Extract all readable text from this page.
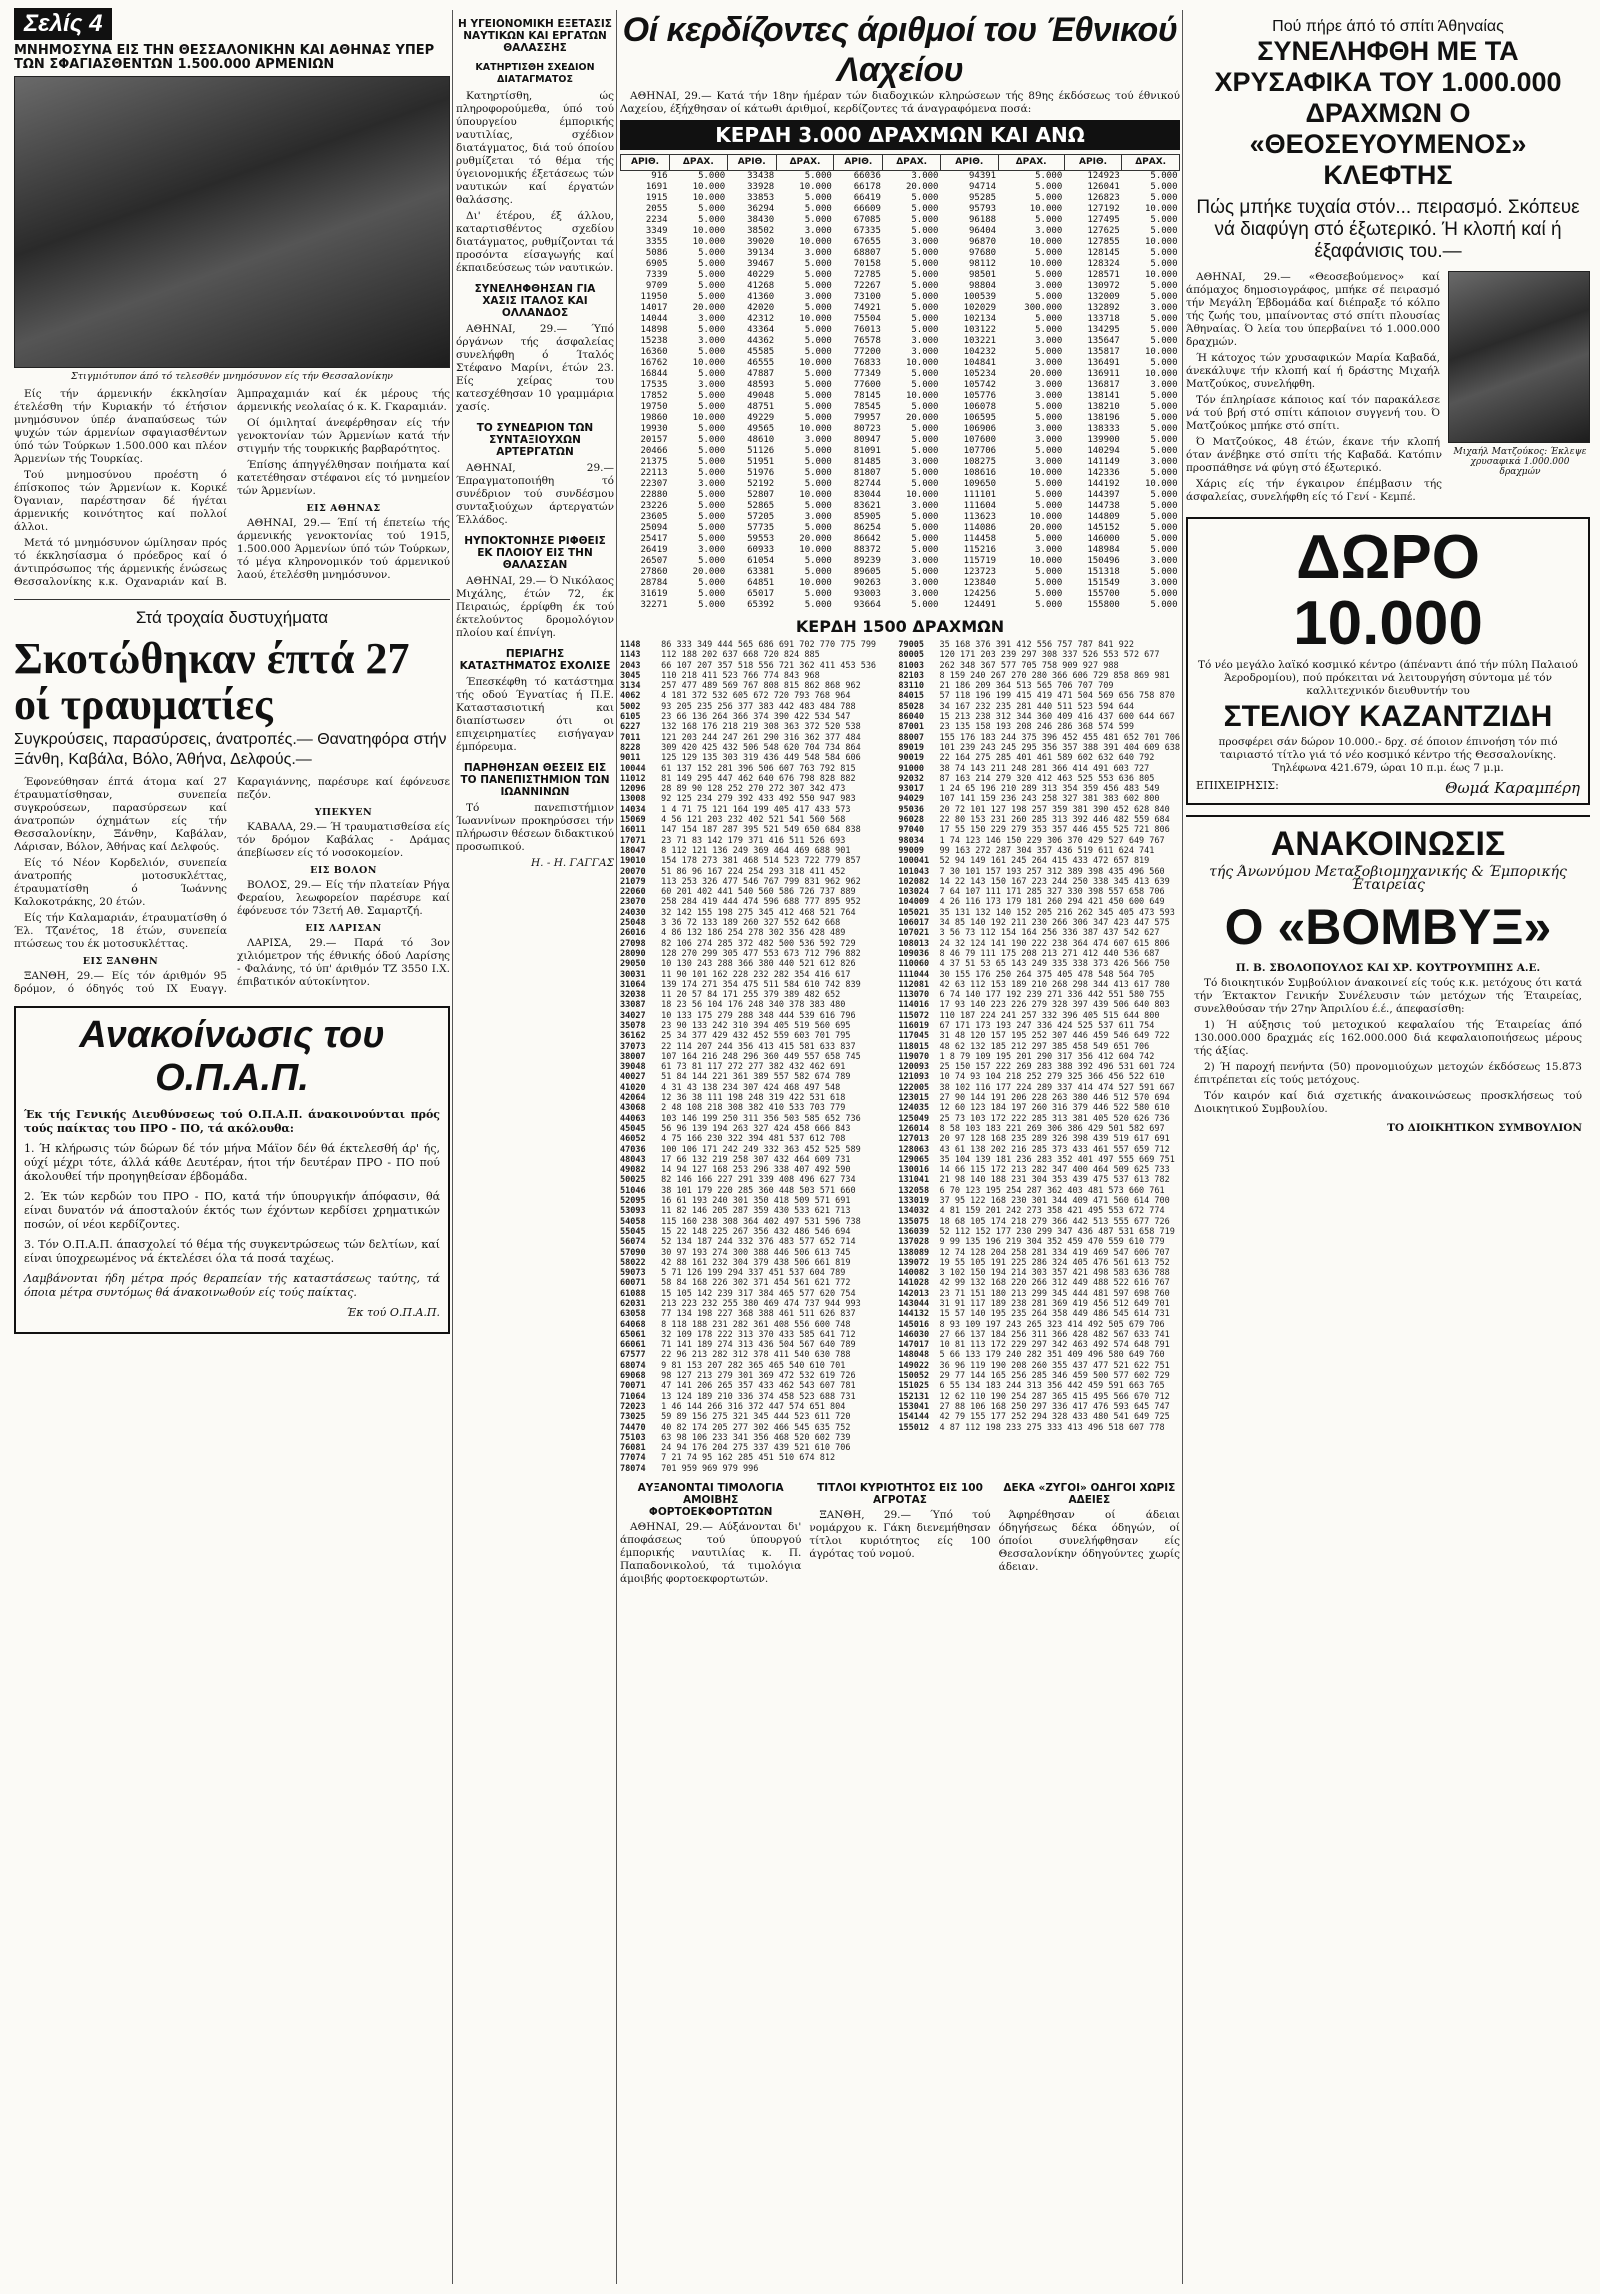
Σελίς 4
ΜΝΗΜΟΣΥΝΑ ΕΙΣ ΤΗΝ ΘΕΣΣΑΛΟΝΙΚΗΝ ΚΑΙ ΑΘΗΝΑΣ ΥΠΕΡ ΤΩΝ ΣΦΑΓΙΑΣΘΕΝΤΩΝ 1.500.000 ΑΡΜΕΝΙΩΝ
Στιγμιότυπον άπό τό τελεσθέν μνημόσυνον είς τήν Θεσσαλονίκην

Είς τήν άρμενικήν έκκλησίαν έτελέσθη τήν Κυριακήν τό έτήσιον μνημόσυνον ύπέρ άναπαύσεως τών ψυχών τών άρμενίων σφαγιασθέντων ύπό τών Τούρκων 1.500.000 και πλέον Άρμενίων τής Τουρκίας.

Τού μνημοσύνου προέστη ό έπίσκοπος τών Άρμενίων κ. Κορικέ Όγανιαν, παρέστησαν δέ ήγέται άρμενικής κοινότητος καί πολλοί άλλοι.

Μετά τό μνημόσυνον ώμίλησαν πρός τό έκκλησίασμα ό πρόεδρος καί ό άντιπρόσωπος τής άρμενικής ένώσεως Θεσσαλονίκης κ.κ. Οχαναριάν καί Β. Άμπραχαμιάν καί έκ μέρους τής άρμενικής νεολαίας ό κ. Κ. Γκαραμιάν.

Οί όμιληταί άνεφέρθησαν είς τήν γενοκτονίαν τών Άρμενίων κατά τήν στιγμήν τής τουρκικής βαρβαρότητος.

Έπίσης άπηγγέλθησαν ποιήματα καί κατετέθησαν στέφανοι είς τό μνημείον τών Άρμενίων.

ΕΙΣ ΑΘΗΝΑΣ

ΑΘΗΝΑΙ, 29.— Έπί τή έπετείω τής άρμενικής γενοκτονίας τού 1915, 1.500.000 Άρμενίων ύπό τών Τούρκων, τό μέγα κληρονομικόν τού άρμενικού λαού, έτελέσθη μνημόσυνον.

Στά τροχαία δυστυχήματα
Σκοτώθηκαν έπτά 27 οί τραυματίες
Συγκρούσεις, παρασύρσεις, άνατροπές.— Θανατηφόρα στήν Ξάνθη, Καβάλα, Βόλο, Άθήνα, Δελφούς.—

Έφονεύθησαν έπτά άτομα καί 27 έτραυματίσθησαν, συνεπεία συγκρούσεων, παρασύρσεων καί άνατροπών όχημάτων είς τήν Θεσσαλονίκην, Ξάνθην, Καβάλαν, Λάρισαν, Βόλον, Άθήνας καί Δελφούς.

Είς τό Νέον Κορδελιόν, συνεπεία άνατροπής μοτοσυκλέττας, έτραυματίσθη ό Ίωάννης Καλοκοτράκης, 20 έτών.

Είς τήν Καλαμαριάν, έτραυματίσθη ό Έλ. Τζανέτος, 18 έτών, συνεπεία πτώσεως του έκ μοτοσυκλέττας.

ΕΙΣ ΞΑΝΘΗΝ

ΞΑΝΘΗ, 29.— Είς τόν άριθμόν 95 δρόμον, ό όδηγός τού ΙΧ Ευαγγ. Καραγιάννης, παρέσυρε καί έφόνευσε πεζόν.

ΥΠΕΚΥΕΝ

ΚΑΒΑΛΑ, 29.— Ή τραυματισθείσα είς τόν δρόμον Καβάλας - Δράμας άπεβίωσεν είς τό νοσοκομείον.

ΕΙΣ ΒΟΛΟΝ

ΒΟΛΟΣ, 29.— Είς τήν πλατείαν Ρήγα Φεραίου, λεωφορείον παρέσυρε καί έφόνευσε τόν 73ετή Αθ. Σαμαρτζή.

ΕΙΣ ΛΑΡΙΣΑΝ

ΛΑΡΙΣΑ, 29.— Παρά τό 3ον χιλιόμετρον τής έθνικής όδού Λαρίσης - Φαλάνης, τό ύπ' άριθμόν ΤΖ 3550 Ι.Χ. έπιβατικόν αύτοκίνητον.

Ανακοίνωσις του Ο.Π.Α.Π.
Έκ τής Γενικής Διευθύνσεως τού Ο.Π.Α.Π. άνακοινούνται πρός τούς παίκτας του ΠΡΟ - ΠΟ, τά ακόλουθα:
1. Ή κλήρωσις τών δώρων δέ τόν μήνα Μάϊον δέν θά έκτελεσθή άρ' ής, ούχί μέχρι τότε, άλλά κάθε Δευτέραν, ήτοι τήν δευτέραν ΠΡΟ - ΠΟ πού άκολουθεί τήν προηγηθείσαν έβδομάδα.
2. Έκ τών κερδών του ΠΡΟ - ΠΟ, κατά τήν ύπουργικήν άπόφασιν, θά είναι δυνατόν νά άποσταλούν έκτός των έχόντων κερδίσει χρηματικών ποσών, οί νέοι κερδίζοντες.
3. Τόν Ο.Π.Α.Π. άπασχολεί τό θέμα τής συγκεντρώσεως τών δελτίων, καί είναι ύποχρεωμένος νά έκτελέσει όλα τά ποσά ταχέως.
Λαμβάνονται ήδη μέτρα πρός θεραπείαν τής καταστάσεως ταύτης, τά όποια μέτρα συντόμως θά άνακοινωθούν είς τούς παίκτας.
Έκ τού Ο.Π.Α.Π.
Η ΥΓΕΙΟΝΟΜΙΚΗ ΕΞΕΤΑΣΙΣ ΝΑΥΤΙΚΩΝ ΚΑΙ ΕΡΓΑΤΩΝ ΘΑΛΑΣΣΗΣ
ΚΑΤΗΡΤΙΣΘΗ ΣΧΕΔΙΟΝ ΔΙΑΤΑΓΜΑΤΟΣ

Κατηρτίσθη, ώς πληροφορούμεθα, ύπό τού ύπουργείου έμπορικής ναυτιλίας, σχέδιον διατάγματος, διά τού όποίου ρυθμίζεται τό θέμα τής ύγειονομικής έξετάσεως τών ναυτικών καί έργατών θαλάσσης.

Δι' έτέρου, έξ άλλου, καταρτισθέντος σχεδίου διατάγματος, ρυθμίζονται τά προσόντα είσαγωγής καί έκπαιδεύσεως τών ναυτικών.

ΣΥΝΕΛΗΦΘΗΣΑΝ ΓΙΑ ΧΑΣΙΣ ΙΤΑΛΟΣ ΚΑΙ ΟΛΛΑΝΔΟΣ

ΑΘΗΝΑΙ, 29.— Ύπό όργάνων τής άσφαλείας συνελήφθη ό Ίταλός Στέφανο Μαρίνι, έτών 23. Είς χείρας του κατεσχέθησαν 10 γραμμάρια χασίς.

ΤΟ ΣΥΝΕΔΡΙΟΝ ΤΩΝ ΣΥΝΤΑΞΙΟΥΧΩΝ ΑΡΤΕΡΓΑΤΩΝ

ΑΘΗΝΑΙ, 29.— Έπραγματοποιήθη τό συνέδριον τού συνδέσμου συνταξιούχων άρτεργατών Έλλάδος.

ΗΥΠΟΚΤΟΝΗΣΕ ΡΙΦΘΕΙΣ ΕΚ ΠΛΟΙΟΥ ΕΙΣ ΤΗΝ ΘΑΛΑΣΣΑΝ

ΑΘΗΝΑΙ, 29.— Ό Νικόλαος Μιχάλης, έτών 72, έκ Πειραιώς, έρρίφθη έκ τού έκτελούντος δρομολόγιον πλοίου καί έπνίγη.

ΠΕΡΙΑΓΗΣ ΚΑΤΑΣΤΗΜΑΤΟΣ ΕΧΟΛΙΣΕ

Έπεσκέφθη τό κατάστημα τής οδού Έγνατίας ή Π.Ε. Καταστασιοτική και διαπίστωσεν ότι οι επιχειρηματίες εισήγαγαν έμπόρευμα.

ΠΑΡΗΘΗΣΑΝ ΘΕΣΕΙΣ ΕΙΣ ΤΟ ΠΑΝΕΠΙΣΤΗΜΙΟΝ ΤΩΝ ΙΩΑΝΝΙΝΩΝ

Τό πανεπιστήμιον Ίωαννίνων προκηρύσσει τήν πλήρωσιν θέσεων διδακτικού προσωπικού.

Η. - Η. ΓΑΓΓΑΣ

Οί κερδίζοντες άριθμοί του Έθνικού Λαχείου

ΑΘΗΝΑΙ, 29.— Κατά τήν 18ην ήμέραν τών διαδοχικών κληρώσεων τής 89ης έκδόσεως τού έθνικού Λαχείου, έξήχθησαν οί κάτωθι άριθμοί, κερδίζοντες τά άναγραφόμενα ποσά:

ΚΕΡΔΗ 3.000 ΔΡΑΧΜΩΝ ΚΑΙ ΑΝΩ
ΑΡΙΘ.	ΔΡΑΧ.	ΑΡΙΘ.	ΔΡΑΧ.	ΑΡΙΘ.	ΔΡΑΧ.	ΑΡΙΘ.	ΔΡΑΧ.	ΑΡΙΘ.	ΔΡΑΧ.
916	5.000	33438	5.000	66036	3.000	94391	5.000	124923	5.000
1691	10.000	33928	10.000	66178	20.000	94714	5.000	126041	5.000
1915	10.000	33853	5.000	66419	5.000	95285	5.000	126823	5.000
2055	5.000	36294	5.000	66609	5.000	95793	10.000	127192	10.000
2234	5.000	38430	5.000	67085	5.000	96188	5.000	127495	5.000
3349	10.000	38502	3.000	67335	5.000	96404	3.000	127625	5.000
3355	10.000	39020	10.000	67655	3.000	96870	10.000	127855	10.000
5086	5.000	39134	3.000	68807	5.000	97680	5.000	128145	5.000
6905	5.000	39467	5.000	70158	5.000	98112	10.000	128324	5.000
7339	5.000	40229	5.000	72785	5.000	98501	5.000	128571	10.000
9709	5.000	41268	5.000	72267	5.000	98804	3.000	130972	5.000
11950	5.000	41360	3.000	73100	5.000	100539	5.000	132009	5.000
14017	20.000	42020	5.000	74921	5.000	102029	300.000	132892	3.000
14044	3.000	42312	10.000	75504	5.000	102134	5.000	133718	5.000
14898	5.000	43364	5.000	76013	5.000	103122	5.000	134295	5.000
15238	3.000	44362	5.000	76578	3.000	103221	3.000	135647	5.000
16360	5.000	45585	5.000	77200	3.000	104232	5.000	135817	10.000
16762	10.000	46555	10.000	76833	10.000	104841	3.000	136491	5.000
16844	5.000	47887	5.000	77349	5.000	105234	20.000	136911	10.000
17535	3.000	48593	5.000	77600	5.000	105742	3.000	136817	3.000
17852	5.000	49048	5.000	78145	10.000	105776	3.000	138141	5.000
19750	5.000	48751	5.000	78545	5.000	106078	5.000	138210	5.000
19860	10.000	49229	5.000	79957	20.000	106595	5.000	138196	5.000
19930	5.000	49565	10.000	80723	5.000	106906	3.000	138333	5.000
20157	5.000	48610	3.000	80947	5.000	107600	3.000	139900	5.000
20466	5.000	51126	5.000	81091	5.000	107706	5.000	140294	5.000
21375	5.000	51951	5.000	81485	3.000	108275	3.000	141149	3.000
22113	5.000	51976	5.000	81807	5.000	108616	10.000	142336	5.000
22307	3.000	52192	5.000	82744	5.000	109650	5.000	144192	10.000
22880	5.000	52807	10.000	83044	10.000	111101	5.000	144397	5.000
23226	5.000	52865	5.000	83621	3.000	111604	5.000	144738	5.000
23605	5.000	57205	3.000	85905	5.000	113623	10.000	144809	5.000
25094	5.000	57735	5.000	86254	5.000	114086	20.000	145152	5.000
25417	5.000	59553	20.000	86642	5.000	114458	5.000	146000	5.000
26419	3.000	60933	10.000	88372	5.000	115216	3.000	148984	5.000
26507	5.000	61054	5.000	89239	3.000	115719	10.000	150496	3.000
27860	20.000	63381	5.000	89605	5.000	123723	5.000	151318	5.000
28784	5.000	64851	10.000	90263	3.000	123840	5.000	151549	3.000
31619	5.000	65017	5.000	93003	3.000	124256	5.000	155700	5.000
32271	5.000	65392	5.000	93664	5.000	124491	5.000	155800	5.000
ΚΕΡΔΗ 1500 ΔΡΑΧΜΩΝ
1148 86 333 349 444 565 686 691 702 770 775 799
1143 112 188 202 637 668 720 824 885
2043 66 107 207 357 518 556 721 362 411 453 536
3045 110 218 411 523 766 774 843 968
3134 257 477 489 569 767 808 815 862 868 962
4062 4 181 372 532 605 672 720 793 768 964
5002 93 205 235 256 377 383 442 483 484 788
6105 23 66 136 264 366 374 390 422 534 547
6227 132 168 176 218 219 308 363 372 520 538
7011 121 203 244 247 261 290 316 362 377 484
8228 309 420 425 432 506 548 620 704 734 864
9011 125 129 135 303 319 436 449 548 584 606
10044 61 137 152 281 396 506 607 763 792 815
11012 81 149 295 447 462 640 676 798 828 882
12096 28 89 90 128 252 270 272 307 342 473
13008 92 125 234 279 392 433 492 550 947 983
14034 1 4 71 75 121 164 199 405 417 433 573
15069 4 56 121 203 232 402 521 541 560 568
16011 147 154 187 287 395 521 549 650 684 838
17071 23 71 83 142 179 371 416 511 526 693
18047 8 112 121 136 249 369 464 469 688 901
19010 154 178 273 381 468 514 523 722 779 857
20070 51 86 96 167 224 254 293 318 411 452
21079 113 253 326 477 546 767 799 831 962 962
22060 60 201 402 441 540 560 586 726 737 889
23070 258 284 419 444 474 596 688 777 895 952
24030 32 142 155 198 275 345 412 468 521 764
25048 3 36 72 133 189 260 327 552 642 668
26016 4 86 132 186 254 278 302 356 428 489
27098 82 106 274 285 372 482 500 536 592 729
28090 128 270 299 305 477 553 673 712 796 882
29050 10 130 243 288 366 380 440 521 612 826
30031 11 90 101 162 228 232 282 354 416 617
31064 139 174 271 354 475 511 584 610 742 839
32038 11 20 57 84 171 255 379 389 482 652
33087 18 23 56 104 176 248 340 378 383 480
34027 10 133 175 279 288 348 444 539 616 796
35078 23 90 133 242 310 394 405 519 560 695
36162 25 34 377 429 432 452 559 603 701 795
37073 22 114 207 244 356 413 415 581 633 837
38007 107 164 216 248 296 360 449 557 658 745
39048 61 73 81 117 272 277 382 432 462 691
40027 51 84 144 221 361 389 557 582 674 789
41020 4 31 43 138 234 307 424 468 497 548
42064 12 36 38 111 198 248 319 422 531 618
43068 2 48 108 218 308 382 410 533 703 779
44063 103 146 199 250 311 356 503 585 652 736
45045 56 96 139 194 263 327 424 458 666 843
46052 4 75 166 230 322 394 481 537 612 708
47036 100 106 171 242 249 332 363 452 525 589
48043 17 66 132 219 258 307 432 464 609 731
49082 14 94 127 168 253 296 338 407 492 590
50025 82 146 166 227 291 339 408 496 627 734
51046 38 101 179 220 285 360 448 503 571 660
52095 16 61 193 240 301 350 418 509 571 691
53093 11 82 146 205 287 359 430 533 621 713
54058 115 160 238 308 364 402 497 531 596 738
55045 15 22 148 225 267 356 432 486 546 694
56074 52 134 187 244 332 376 483 577 652 714
57090 30 97 193 274 300 388 446 506 613 745
58022 42 88 161 232 304 379 438 506 661 819
59073 5 71 126 199 294 337 451 537 604 789
60071 58 84 168 226 302 371 454 561 621 772
61088 15 105 142 239 317 384 465 577 620 754
62031 213 223 232 255 380 469 474 737 944 993
63058 77 134 198 227 368 388 461 511 626 837
64068 8 118 188 231 282 361 408 556 600 748
65061 32 109 178 222 313 370 433 585 641 712
66061 71 141 189 274 313 436 504 567 640 789
67577 22 96 213 282 312 378 411 540 630 788
68074 9 81 153 207 282 365 465 540 610 701
69068 98 127 213 279 301 369 472 532 619 726
70071 47 141 206 265 357 433 462 543 607 781
71064 13 124 189 210 336 374 458 523 688 731
72023 1 46 144 266 316 372 447 574 651 804
73025 59 89 156 275 321 345 444 523 611 720
74470 40 82 174 205 277 302 466 545 635 752
75103 63 98 106 233 341 356 468 520 602 739
76081 24 94 176 204 275 337 439 521 610 706
77074 7 21 74 95 162 285 451 510 674 812
78074 701 959 969 979 996
79005 35 168 376 391 412 556 757 787 841 922
80005 120 171 203 239 297 308 337 526 553 572 677
81003 262 348 367 577 705 758 909 927 988
82103 8 159 240 267 270 280 366 606 729 858 869 981
83110 21 186 209 364 513 565 706 707 709
84015 57 118 196 199 415 419 471 504 569 656 758 870
85028 34 167 232 235 281 440 511 523 594 644
86040 15 213 238 312 344 360 409 416 437 600 644 667
87001 23 135 158 193 208 246 286 368 574 599
88007 155 176 183 244 375 396 452 455 481 652 701 706
89019 101 239 243 245 295 356 357 388 391 404 609 638
90019 22 164 275 285 401 461 589 602 632 640 792
91000 38 74 143 211 248 281 366 414 491 603 727
92032 87 163 214 279 320 412 463 525 553 636 805
93017 1 24 65 196 210 289 313 354 359 456 483 549
94029 107 141 159 236 243 258 327 381 383 602 800
95036 20 72 101 127 198 257 359 381 390 452 628 840
96028 22 80 153 231 260 285 313 392 446 482 559 684
97040 17 55 150 229 279 353 357 446 455 525 721 806
98034 1 74 123 146 150 229 306 370 429 527 649 767
99009 99 163 272 287 304 357 436 519 611 624 741
100041 52 94 149 161 245 264 415 433 472 657 819
101043 7 30 101 157 193 257 312 389 398 435 496 560
102082 14 22 143 150 167 223 244 250 338 345 413 639
103024 7 64 107 111 171 285 327 330 398 557 658 706
104009 4 26 116 173 179 181 260 294 421 450 600 649
105021 35 131 132 140 152 205 216 262 345 405 473 593
106017 34 85 140 192 211 230 266 306 347 423 447 575
107021 3 56 73 112 154 164 256 336 387 437 542 627
108013 24 32 124 141 190 222 238 364 474 607 615 806
109036 8 46 79 111 175 208 213 271 412 440 536 687
110060 4 37 51 53 65 143 249 335 338 373 426 566 750
111044 30 155 176 250 264 375 405 478 548 564 705
112081 42 63 112 153 189 210 268 298 344 413 617 780
113070 6 74 140 177 192 239 271 336 442 551 580 755
114016 17 93 140 223 226 279 328 397 439 506 640 803
115072 110 187 224 241 257 332 396 405 515 644 800
116019 67 171 173 193 247 336 424 525 537 611 754
117045 31 48 120 157 195 252 307 446 459 546 649 722
118015 48 62 132 185 212 297 385 458 549 651 706
119070 1 8 79 109 195 201 290 317 356 412 604 742
120093 25 150 157 222 269 283 388 392 496 531 601 724
121093 10 74 93 104 218 252 279 325 366 456 522 610
122005 38 102 116 177 224 289 337 414 474 527 591 667
123015 27 90 144 191 206 228 263 380 446 512 570 694
124035 12 60 123 184 197 260 316 379 446 522 580 610
125049 25 73 103 172 222 285 313 381 405 520 626 736
126014 8 58 103 183 221 269 306 386 429 501 582 697
127013 20 97 128 168 235 289 326 398 439 519 617 691
128063 43 61 138 202 216 285 373 433 461 557 659 712
129065 35 104 139 181 236 283 352 401 497 555 669 751
130016 14 66 115 172 213 282 347 400 464 509 625 733
131041 21 98 140 188 231 304 353 439 475 537 613 782
132058 6 70 123 195 254 287 362 403 481 573 660 761
133019 37 95 122 168 230 301 344 409 471 560 614 700
134032 4 81 159 201 242 273 358 421 495 553 672 774
135075 18 68 105 174 218 279 366 442 513 555 677 726
136039 52 112 152 177 230 299 347 436 487 531 658 719
137028 9 99 135 196 219 304 352 459 470 559 610 779
138089 12 74 128 204 258 281 334 419 469 547 606 707
139072 19 55 105 191 225 286 324 405 476 561 613 752
140082 3 102 150 194 214 303 357 421 498 583 636 788
141028 42 99 132 168 220 266 312 449 488 522 616 767
142013 23 71 151 180 213 299 345 444 481 597 698 760
143044 31 91 117 189 238 281 369 419 456 512 649 701
144132 15 57 140 195 235 264 358 449 486 545 614 731
145016 8 93 109 197 243 265 323 414 492 505 679 706
146030 27 66 137 184 256 311 366 428 482 567 633 741
147017 10 81 113 172 229 297 342 463 492 574 648 791
148048 5 66 133 179 240 282 351 409 496 580 649 760
149022 36 96 119 190 208 260 355 437 477 521 622 751
150052 29 77 144 165 256 285 346 459 500 577 602 729
151025 6 55 134 183 244 313 356 442 459 591 663 765
152131 12 62 110 190 254 287 365 415 495 566 670 712
153041 27 88 106 168 250 297 336 417 476 593 645 747
154144 42 79 155 177 252 294 328 433 480 541 649 725
155012 4 87 112 198 233 275 333 413 496 518 607 778
ΑΥΞΑΝΟΝΤΑΙ ΤΙΜΟΛΟΓΙΑ ΑΜΟΙΒΗΣ ΦΟΡΤΟΕΚΦΟΡΤΩΤΩΝ

ΑΘΗΝΑΙ, 29.— Αύξάνονται δι' άποφάσεως τού ύπουργού έμπορικής ναυτιλίας κ. Π. Παπαδονικολού, τά τιμολόγια άμοιβής φορτοεκφορτωτών.

ΤΙΤΛΟΙ ΚΥΡΙΟΤΗΤΟΣ ΕΙΣ 100 ΑΓΡΟΤΑΣ

ΞΑΝΘΗ, 29.— Ύπό τού νομάρχου κ. Γάκη διενεμήθησαν τίτλοι κυριότητος είς 100 άγρότας τού νομού.

ΔΕΚΑ «ΖΥΓΟΙ» ΟΔΗΓΟΙ ΧΩΡΙΣ ΑΔΕΙΕΣ

Άφηρέθησαν οί άδειαι όδηγήσεως δέκα όδηγών, οί όποίοι συνελήφθησαν είς Θεσσαλονίκην όδηγούντες χωρίς άδειαν.

Πού πήρε άπό τό σπίτι Άθηναίας
ΣΥΝΕΛΗΦΘΗ ΜΕ ΤΑ ΧΡΥΣΑΦΙΚΑ ΤΟΥ 1.000.000 ΔΡΑΧΜΩΝ Ο «ΘΕΟΣΕΥΟΥΜΕΝΟΣ» ΚΛΕΦΤΗΣ
Πώς μπήκε τυχαία στόν... πειρασμό. Σκόπευε νά διαφύγη στό έξωτερικό. Ή κλοπή καί ή έξαφάνισις του.—
Μιχαήλ Ματζούκος: Έκλεψε χρυσαφικά 1.000.000 δραχμών

ΑΘΗΝΑΙ, 29.— «Θεοσεβούμενος» καί άπόμαχος δημοσιογράφος, μπήκε σέ πειρασμό τήν Μεγάλη Έβδομάδα καί διέπραξε τό κόλπο τής ζωής του, μπαίνοντας στό σπίτι πλουσίας Άθηναίας. Ό λεία του ύπερβαίνει τό 1.000.000 δραχμών.

Ή κάτοχος τών χρυσαφικών Μαρία Καβαδά, άνεκάλυψε τήν κλοπή καί ή δράστης Μιχαήλ Ματζούκος, συνελήφθη.

Τόν έπληρίασε κάποιος καί τόν παρακάλεσε νά τού βρή στό σπίτι κάποιον συγγενή του. Ό Ματζούκος μπήκε στό σπίτι.

Ό Ματζούκος, 48 έτών, έκανε τήν κλοπή όταν άνέβηκε στό σπίτι τής Καβαδά. Κατόπιν προσπάθησε νά φύγη στό έξωτερικό.

Χάρις είς τήν έγκαιρον έπέμβασιν τής άσφαλείας, συνελήφθη είς τό Γενί - Κεμπέ.

ΔΩΡΟ 10.000
Τό νέο μεγάλο λαϊκό κοσμικό κέντρο (άπέναντι άπό τήν πύλη Παλαιού Άεροδρομίου), πού πρόκειται νά λειτουργήση σύντομα μέ τόν καλλιτεχνικόν διευθυντήν του
ΣΤΕΛΙΟΥ ΚΑΖΑΝΤΖΙΔΗ
προσφέρει σάν δώρον 10.000.- δρχ. σέ όποιον έπινοήση τόν πιό ταιριαστό τίτλο γιά τό νέο κοσμικό κέντρο τής Θεσσαλονίκης. Τηλέφωνα 421.679, ώραι 10 π.μ. έως 7 μ.μ.
ΕΠΙΧΕΙΡΗΣΙΣ:	Θωμά Καραμπέρη
ΑΝΑΚΟΙΝΩΣΙΣ
τής Άνωνύμου Μεταξοβιομηχανικής & Έμπορικής Έταιρείας
Ο «ΒΟΜΒΥΞ»
Π. Β. ΣΒΟΛΟΠΟΥΛΟΣ ΚΑΙ ΧΡ. ΚΟΥΤΡΟΥΜΠΗΣ Α.Ε.

Τό διοικητικόν Συμβούλιον άνακοινεί είς τούς κ.κ. μετόχους ότι κατά τήν Έκτακτον Γενικήν Συνέλευσιν τών μετόχων τής Έταιρείας, συνελθούσαν τήν 27ην Άπριλίου έ.έ., άπεφασίσθη:

1) Ή αύξησις τού μετοχικού κεφαλαίου τής Έταιρείας άπό 130.000.000 δραχμάς είς 162.000.000 διά κεφαλαιοποιήσεως μέρους τής άξίας.

2) Ή παροχή πενήντα (50) προνομιούχων μετοχών έκδόσεως 15.873 έπιτρέπεται είς τούς μετόχους.

Τόν καιρόν καί διά σχετικής άνακοινώσεως προσκλήσεως τού Διοικητικού Συμβουλίου.

ΤΟ ΔΙΟΙΚΗΤΙΚΟΝ ΣΥΜΒΟΥΛΙΟΝ
